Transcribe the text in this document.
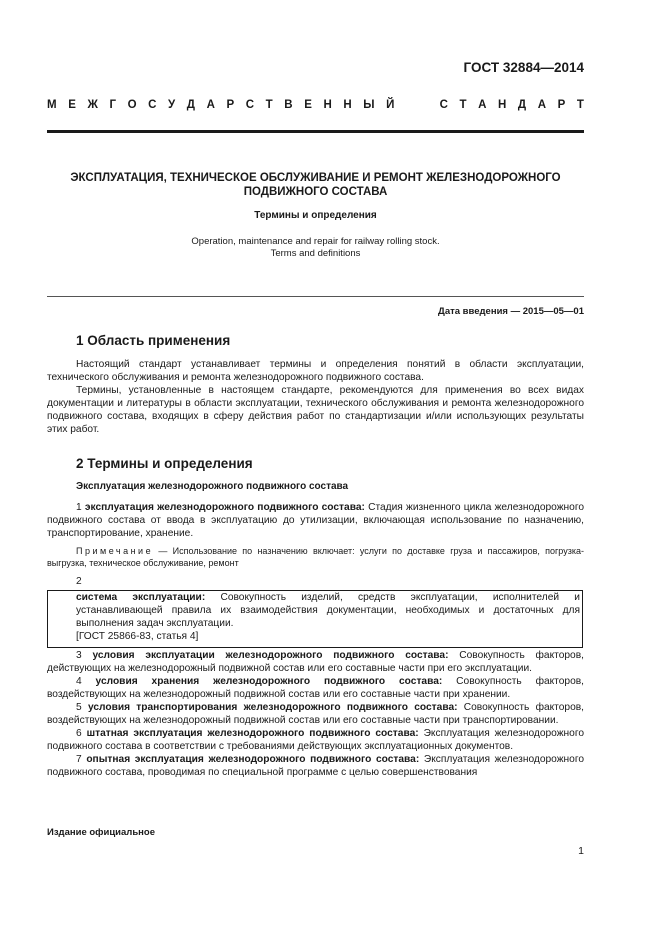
ГОСТ 32884—2014
М Е Ж Г О С У Д А Р С Т В Е Н Н Ы Й	С Т А Н Д А Р Т
ЭКСПЛУАТАЦИЯ, ТЕХНИЧЕСКОЕ ОБСЛУЖИВАНИЕ И РЕМОНТ ЖЕЛЕЗНОДОРОЖНОГО
ПОДВИЖНОГО СОСТАВА
Термины и определения
Operation, maintenance and repair for railway rolling stock.
Terms and definitions
Дата введения — 2015—05—01
1 Область применения

Настоящий стандарт устанавливает термины и определения понятий в области эксплуатации, технического обслуживания и ремонта железнодорожного подвижного состава.

Термины, установленные в настоящем стандарте, рекомендуются для применения во всех видах документации и литературы в области эксплуатации, технического обслуживания и ремонта железнодорожного подвижного состава, входящих в сферу действия работ по стандартизации и/или использующих результаты этих работ.

2 Термины и определения
Эксплуатация железнодорожного подвижного состава

1 эксплуатация железнодорожного подвижного состава: Стадия жизненного цикла железнодорожного подвижного состава от ввода в эксплуатацию до утилизации, включающая использование по назначению, транспортирование, хранение.

Примечание — Использование по назначению включает: услуги по доставке груза и пассажиров, погрузка-выгрузка, техническое обслуживание, ремонт

2

система эксплуатации: Совокупность изделий, средств эксплуатации, исполнителей и устанавливающей правила их взаимодействия документации, необходимых и достаточных для выполнения задач эксплуатации.

[ГОСТ 25866-83, статья 4]

3 условия эксплуатации железнодорожного подвижного состава: Совокупность факторов, действующих на железнодорожный подвижной состав или его составные части при его эксплуатации.

4 условия хранения железнодорожного подвижного состава: Совокупность факторов, воздействующих на железнодорожный подвижной состав или его составные части при хранении.

5 условия транспортирования железнодорожного подвижного состава: Совокупность факторов, воздействующих на железнодорожный подвижной состав или его составные части при транспортировании.

6 штатная эксплуатация железнодорожного подвижного состава: Эксплуатация железнодорожного подвижного состава в соответствии с требованиями действующих эксплуатационных документов.

7 опытная эксплуатация железнодорожного подвижного состава: Эксплуатация железнодорожного подвижного состава, проводимая по специальной программе с целью совершенствования

Издание официальное
1
